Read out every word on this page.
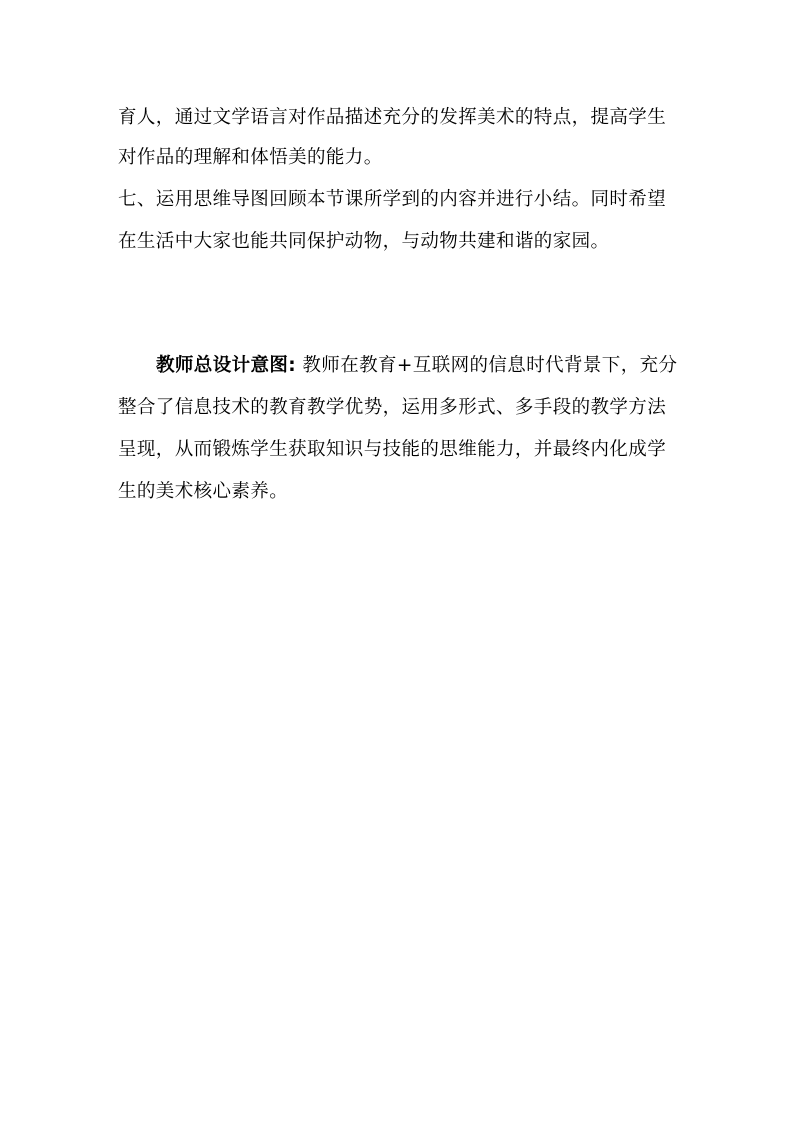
育人，通过文学语言对作品描述充分的发挥美术的特点，提高学生
对作品的理解和体悟美的能力。
七、运用思维导图回顾本节课所学到的内容并进行小结。同时希望
在生活中大家也能共同保护动物，与动物共建和谐的家园。
教师总设计意图: 教师在教育+互联网的信息时代背景下，充分
整合了信息技术的教育教学优势，运用多形式、多手段的教学方法
呈现，从而锻炼学生获取知识与技能的思维能力，并最终内化成学
生的美术核心素养。
